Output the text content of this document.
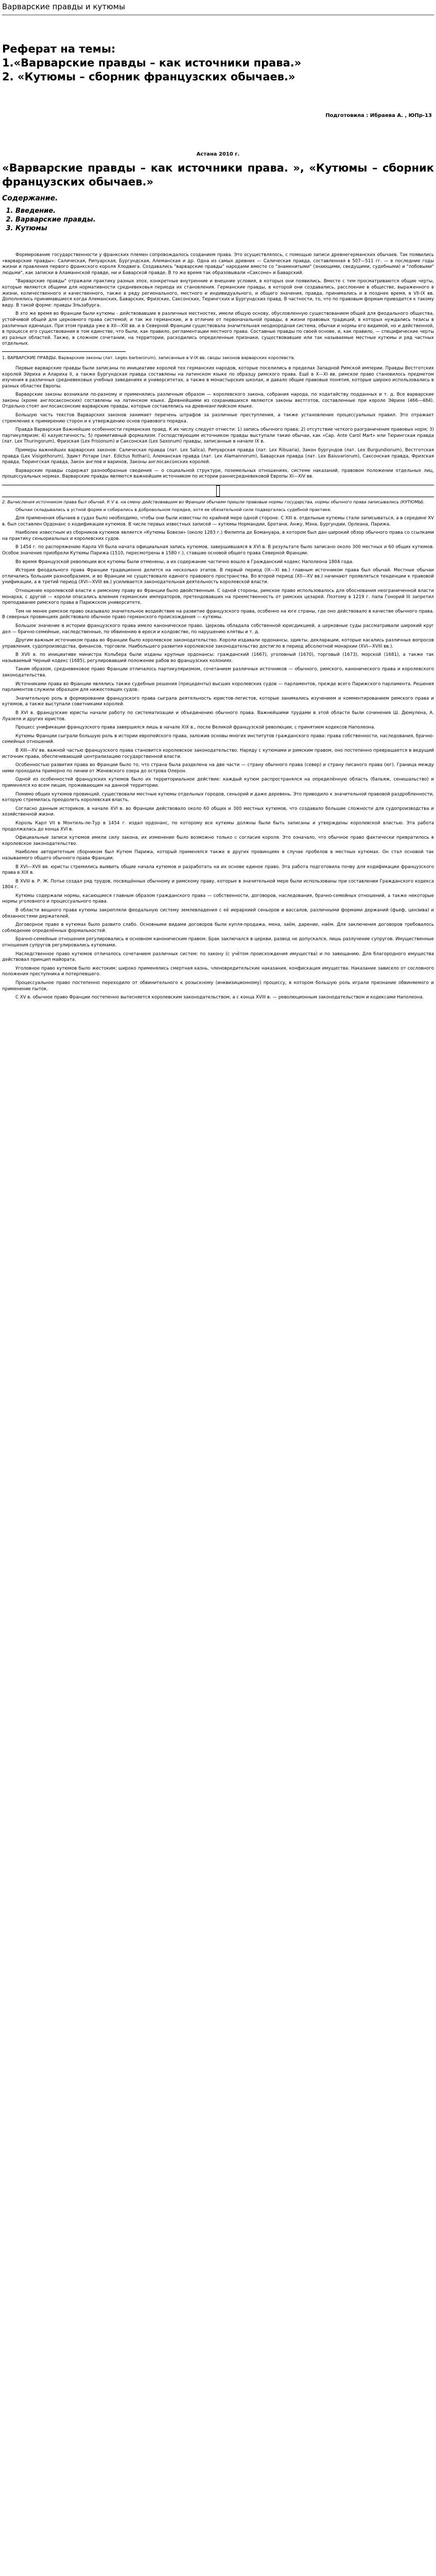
Варварские правды и кутюмы
Реферат на темы:
1.«Варварские правды – как источники права.»
2. «Кутюмы – сборник французских обычаев.»
Подготовила : Ибраева А. , ЮПр-13
Астана 2010 г.
«Варварские правды – как источники права. », «Кутюмы – сборник французских обычаев.»
Содержание.
1. Введение.
2. Варварские правды.
3. Кутюмы

Формирование государственности у франкских племен сопровождалось созданием права. Это осуществлялось, с помощью записи древнегерманских обычаев. Так появились «варварские правды»: Салическая, Рипуарская, Бургундская, Алеманская и др. Одна из самых древних — Салическая правда, составленная в 507—511 гг. — в последние годы жизни и правления первого франкского короля Хлодвига. Создавались "варварские правды" народами вместе со "знаменитыми" (знающими, сведущими, судебными) и "лобовыми" людьми", как записки в Аламаннской правде, ни и Баварской правде. В то же время так образовывали «Саксоне» и Баварский.

"Варварские правды" отражали практику разных эпох, конкретные внутренние и внешние условия, в которых они появились. Вместе с тем просматриваются общие черты, которые являются общими для нормативности средневековья периода их становления. Германские правды, в которой они создавались, расслоение в обществе, выраженного в жизни, количественного и качественного, также в ряду регионального, местного и индивидуального, и общего значения, правда, принимались и в позднее время, в VII-IX вв. Дополнялись принимавшиеся когда Алеманских, Баварских, Фризских, Саксонских, Тюрингских и Бургундских правд. В частности, то, что по правовым формам приводится к такому виду. В такой форме: правды Эльзабурга.

В это же время во Франции были кутюмы - действовавшие в различных местностях, имели общую основу, обусловленную существованием общей для феодального общества, устойчивой общей для церковного права системой; и так же германские, и в отличие от первоначальной правды, в жизни правовых традиций, в которых нуждались тезисы в различных единицах. При этом правда уже в XII—XIII вв. и в Северной Франции существовала значительная неоднородная система, обычаи и нормы его видимой, но и действенной, в процессе его существования в том единстве, что были, как правило, регламентации местного права. Составные правды по своей основе, и, как правило, — специфические черты из разных областей. Также, в сложном сочетании, на территории, расходились определенные признаки, существовавшие или так называемые местные кутюмы и ряд частных отдельных.

1. ВАРВАРСКИЕ ПРАВДЫ. Варварские законы (лат. Leges barbarorum), записанные в V-IX вв. своды законов варварских королевств.

Первые варварские правды были записаны по инициативе королей тех германских народов, которые поселились в пределах Западной Римской империи. Правды Вестготских королей Эйриха и Алариха II, а также Бургундская правда составлены на латинском языке по образцу римского права. Ещё в X—XI вв. римское право становилось предметом изучения в различных средневековых учебных заведениях и университетах, а также в монастырских школах, и давало общие правовые понятия, которые широко использовались в разных областях Европы.

Варварские законы возникали по-разному и применялись различным образом — королевского закона, собрания народа, по ходатайству подданных и т. д. Все варварские законы (кроме англосаксонских) составлены на латинском языке. Древнейшими из сохранившихся являются законы вестготов, составленные при короле Эйрихе (466—484). Отдельно стоят англосаксонские варварские правды, которые составлялись на древнеанглийском языке.

Большую часть текстов Варварских законов занимает перечень штрафов за различные преступления, а также установление процессуальных правил. Это отражает стремление к примирению сторон и к утверждению основ правового порядка.

Правда Варварская Важнейшие особенности германских правд. К их числу следует отнести: 1) запись обычного права; 2) отсутствие четкого разграничения правовых норм; 3) партикуляризм; 4) казуистичность; 5) примитивный формализм. Господствующим источником правды выступали такие обычаи, как «Cap. Ante Carol Mart» или Тюрингская правда (лат. Lex Thuringorum), Фризская (Lex Frisionum) и Саксонская (Lex Saxonum) правды, записанные в начале IX в.

Примеры важнейших варварских законов: Салическая правда (лат. Lex Salica), Рипуарская правда (лат. Lex Ribuaria), Закон бургундов (лат. Lex Burgundionum), Вестготская правда (Lex Visigothorum), Эдикт Ротари (лат. Edictus Rothari), Алеманская правда (лат. Lex Alamannorum), Баварская правда (лат. Lex Baiuvariorum), Саксонская правда, Фризская правда, Тюрингская правда, Закон англов и варинов, Законы англосаксонских королей.

Варварские правды содержат разнообразные сведения — о социальной структуре, поземельных отношениях, системе наказаний, правовом положении отдельных лиц, процессуальных нормах. Варварские правды являются важнейшим источником по истории раннесредневековой Европы XI—XIV вв.

2. Вычисления источником права был обычай. К V в. на смену действовавшим во Франции обычаям пришли правовые нормы государства, нормы обычного права записывались (КУТЮМЫ).

Обычаи складывались в устной форме и собирались в добровольном порядке, хотя ее обязательной силе подвергалась судебной практике.

Для применения обычаев в судах было необходимо, чтобы они были известны по крайней мере одной стороне. С XIII в. отдельные кутюмы стали записываться, а в середине XV в. был составлен Ордонанс о кодификации кутюмов. В числе первых известных записей — кутюмы Нормандии, Бретани, Анжу, Мэна, Бургундии, Орлеана, Парижа.

Наиболее известным из сборников кутюмов является «Кутюмы Бовези» (около 1283 г.) Филиппа де Бомануара, в котором был дан широкий обзор обычного права со ссылками на практику сеньориальных и королевских судов.

В 1454 г. по распоряжению Карла VII была начата официальная запись кутюмов, завершившаяся в XVI в. В результате было записано около 300 местных и 60 общих кутюмов. Особое значение приобрели Кутюмы Парижа (1510, пересмотрены в 1580 г.), ставшие основой общего права Северной Франции.

Во время Французской революции все кутюмы были отменены, а их содержание частично вошло в Гражданский кодекс Наполеона 1804 года.

История феодального права Франции традиционно делится на несколько этапов. В первый период (IX—XI вв.) главным источником права был обычай. Местные обычаи отличались большим разнообразием, и во Франции не существовало единого правового пространства. Во второй период (XII—XV вв.) начинают проявляться тенденции к правовой унификации, а в третий период (XVI—XVIII вв.) усиливается законодательная деятельность королевской власти.

Отношение королевской власти к римскому праву во Франции было двойственным. С одной стороны, римское право использовалось для обоснования неограниченной власти монарха, с другой — короли опасались влияния германских императоров, претендовавших на преемственность от римских цезарей. Поэтому в 1219 г. папа Гонорий III запретил преподавание римского права в Парижском университете.

Тем не менее римское право оказывало значительное воздействие на развитие французского права, особенно на юге страны, где оно действовало в качестве обычного права. В северных провинциях действовало обычное право германского происхождения — кутюмы.

Большое значение в истории французского права имело каноническое право. Церковь обладала собственной юрисдикцией, а церковные суды рассматривали широкий круг дел — брачно-семейные, наследственные, по обвинению в ереси и колдовстве, по нарушению клятвы и т. д.

Другим важным источником права во Франции было королевское законодательство. Короли издавали ордонансы, эдикты, декларации, которые касались различных вопросов управления, судопроизводства, финансов, торговли. Наибольшего развития королевское законодательство достигло в период абсолютной монархии (XVI—XVIII вв.).

В XVII в. по инициативе министра Кольбера были изданы крупные ордонансы: гражданский (1667), уголовный (1670), торговый (1673), морской (1681), а также так называемый Черный кодекс (1685), регулировавший положение рабов во французских колониях.

Таким образом, средневековое право Франции отличалось партикуляризмом, сочетанием различных источников — обычного, римского, канонического права и королевского законодательства.

Источниками права во Франции являлись также судебные решения (прецеденты) высших королевских судов — парламентов, прежде всего Парижского парламента. Решения парламентов служили образцом для нижестоящих судов.

Значительную роль в формировании французского права сыграла деятельность юристов-легистов, которые занимались изучением и комментированием римского права и кутюмов, а также выступали советниками королей.

В XVI в. французские юристы начали работу по систематизации и объединению обычного права. Важнейшими трудами в этой области были сочинения Ш. Дюмулена, А. Луазеля и других юристов.

Процесс унификации французского права завершился лишь в начале XIX в., после Великой французской революции, с принятием кодексов Наполеона.

Кутюмы Франции сыграли большую роль в истории европейского права, заложив основы многих институтов гражданского права: права собственности, наследования, брачно-семейных отношений.

В XIII—XV вв. важной частью французского права становится королевское законодательство. Наряду с кутюмами и римским правом, оно постепенно превращается в ведущий источник права, обеспечивающий централизацию государственной власти.

Особенностью развития права во Франции было то, что страна была разделена на две части — страну обычного права (север) и страну писаного права (юг). Граница между ними проходила примерно по линии от Женевского озера до острова Олерон.

Одной из особенностей французских кутюмов было их территориальное действие: каждый кутюм распространялся на определённую область (бальяж, сенешальство) и применялся ко всем лицам, проживающим на данной территории.

Помимо общих кутюмов провинций, существовали местные кутюмы отдельных городов, сеньорий и даже деревень. Это приводило к значительной правовой раздробленности, которую стремилась преодолеть королевская власть.

Согласно данным историков, в начале XVI в. во Франции действовало около 60 общих и 300 местных кутюмов, что создавало большие сложности для судопроизводства и хозяйственной жизни.

Король Карл VII в Монтиль-ле-Тур в 1454 г. издал ордонанс, по которому все кутюмы должны были быть записаны и утверждены королевской властью. Эта работа продолжалась до конца XVI в.

Официальные записи кутюмов имели силу закона, их изменение было возможно только с согласия короля. Это означало, что обычное право фактически превратилось в королевское законодательство.

Наиболее авторитетным сборником был Кутюм Парижа, который применялся также в других провинциях в случае пробелов в местных кутюмах. Он стал основой так называемого общего обычного права Франции.

В XVI—XVII вв. юристы стремились выявить общие начала кутюмов и разработать на их основе единое право. Эта работа подготовила почву для кодификации французского права в XIX в.

В XVIII в. Р. Ж. Потье создал ряд трудов, посвящённых обычному и римскому праву, которые в значительной мере были использованы при составлении Гражданского кодекса 1804 г.

Кутюмы содержали нормы, касающиеся главным образом гражданского права — собственности, договоров, наследования, брачно-семейных отношений, а также некоторые нормы уголовного и процессуального права.

В области вещного права кутюмы закрепляли феодальную систему землевладения с её иерархией сеньоров и вассалов, различными формами держаний (фьеф, цензива) и обязанностями держателей.

Договорное право в кутюмах было развито слабо. Основными видами договоров были купля-продажа, мена, заём, дарение, наём. Для заключения договоров требовалось соблюдение определённых формальностей.

Брачно-семейные отношения регулировались в основном каноническим правом. Брак заключался в церкви, развод не допускался, лишь разлучение супругов. Имущественные отношения супругов регулировались кутюмами.

Наследственное право кутюмов отличалось сочетанием различных систем: по закону (с учётом происхождения имущества) и по завещанию. Для благородного имущества действовал принцип майората.

Уголовное право кутюмов было жестоким: широко применялись смертная казнь, членовредительские наказания, конфискация имущества. Наказание зависело от сословного положения преступника и потерпевшего.

Процессуальное право постепенно переходило от обвинительного к розыскному (инквизиционному) процессу, в котором большую роль играли признание обвиняемого и применение пыток.

С XV в. обычное право Франции постепенно вытесняется королевским законодательством, а с конца XVIII в. — революционным законодательством и кодексами Наполеона.
